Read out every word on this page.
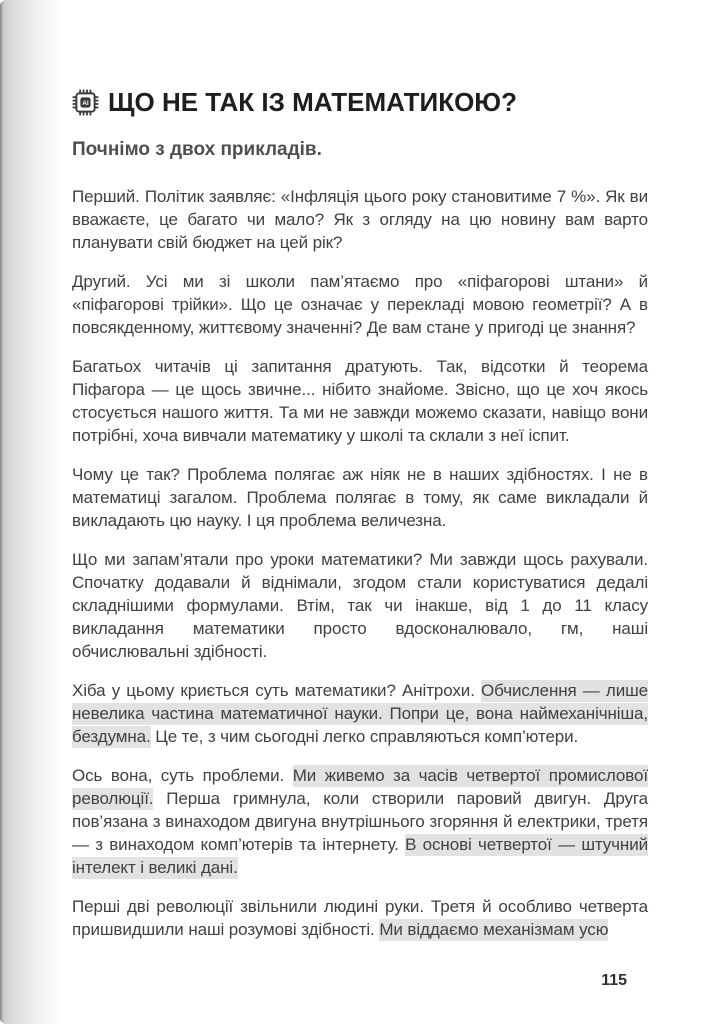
AI ЩО НЕ ТАК ІЗ МАТЕМАТИКОЮ?

Почнімо з двох прикладів.

Перший. Політик заявляє: «Інфляція цього року становитиме 7 %». Як ви вважаєте, це багато чи мало? Як з огляду на цю новину вам варто планувати свій бюджет на цей рік?

Другий. Усі ми зі школи пам’ятаємо про «піфагорові штани» й «піфагорові трійки». Що це означає у перекладі мовою геометрії? А в повсякденному, життєвому значенні? Де вам стане у пригоді це знання?

Багатьох читачів ці запитання дратують. Так, відсотки й теорема Піфагора — це щось звичне... нібито знайоме. Звісно, що це хоч якось стосується нашого життя. Та ми не завжди можемо сказати, навіщо вони потрібні, хоча вивчали математику у школі та склали з неї іспит.

Чому це так? Проблема полягає аж ніяк не в наших здібностях. І не в математиці загалом. Проблема полягає в тому, як саме викладали й викладають цю науку. І ця проблема величезна.

Що ми запам’ятали про уроки математики? Ми завжди щось рахували. Спочатку додавали й віднімали, згодом стали користуватися дедалі складнішими формулами. Втім, так чи інакше, від 1 до 11 класу викладання математики просто вдосконалювало, гм, наші обчислювальні здібності.

Хіба у цьому криється суть математики? Анітрохи. Обчислення — лише невелика частина математичної науки. Попри це, вона наймеханічніша, бездумна. Це те, з чим сьогодні легко справляються комп’ютери.

Ось вона, суть проблеми. Ми живемо за часів четвертої промислової революції. Перша гримнула, коли створили паровий двигун. Друга пов’язана з винаходом двигуна внутрішнього згоряння й електрики, третя — з винаходом комп’ютерів та інтернету. В основі четвертої — штучний інтелект і великі дані.

Перші дві революції звільнили людині руки. Третя й особливо четверта пришвидшили наші розумові здібності. Ми віддаємо механізмам усю

115
